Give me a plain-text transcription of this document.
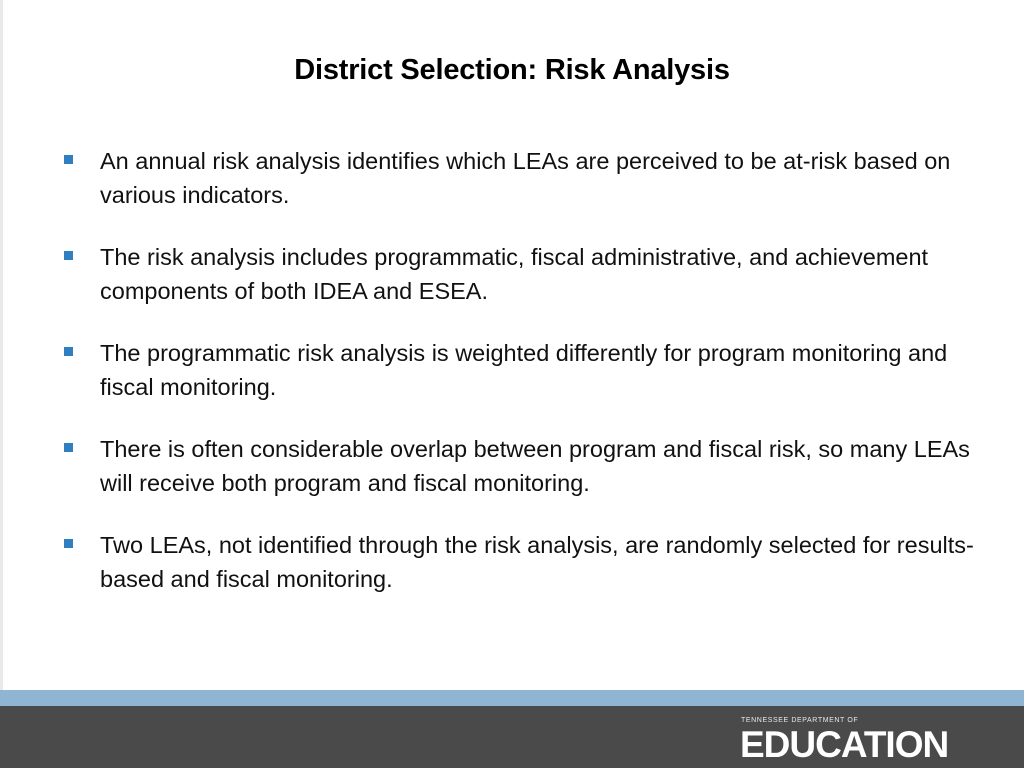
District Selection: Risk Analysis
An annual risk analysis identifies which LEAs are perceived to be at-risk based on various indicators.
The risk analysis includes programmatic, fiscal administrative, and achievement components of both IDEA and ESEA.
The programmatic risk analysis is weighted differently for program monitoring and fiscal monitoring.
There is often considerable overlap between program and fiscal risk, so many LEAs will receive both program and fiscal monitoring.
Two LEAs, not identified through the risk analysis, are randomly selected for results-based and fiscal monitoring.
TENNESSEE DEPARTMENT OF
EDUCATION
